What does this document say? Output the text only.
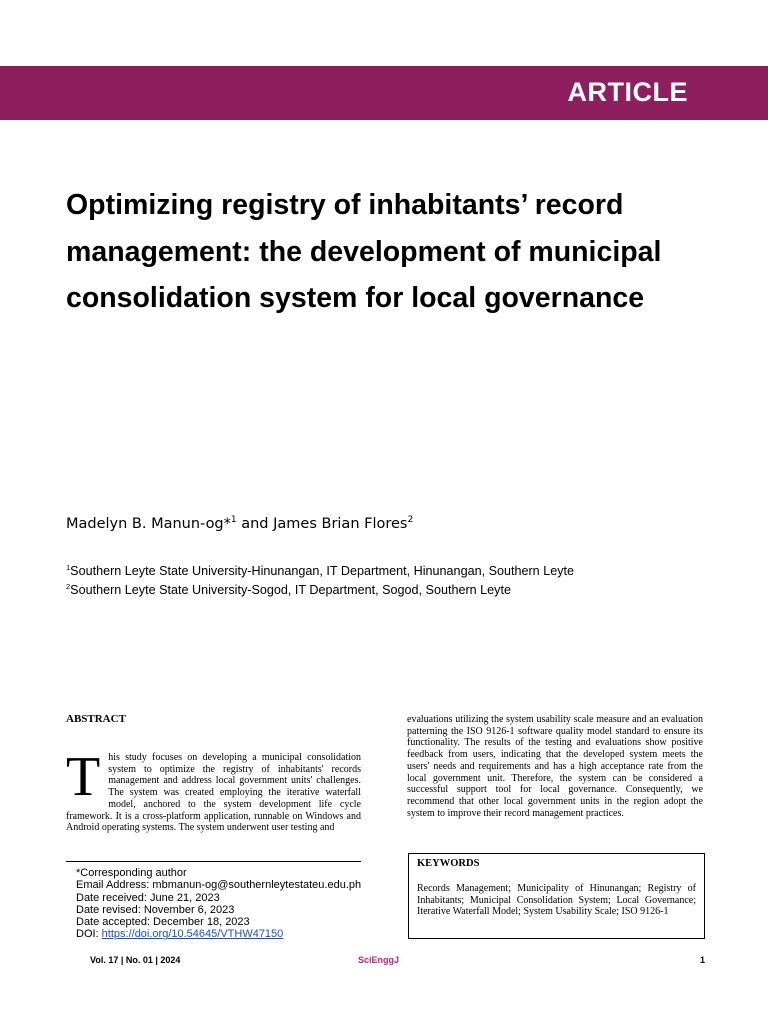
ARTICLE
Optimizing registry of inhabitants’ record management: the development of municipal consolidation system for local governance
Madelyn B. Manun-og*$^1$ and James Brian Flores$^2$
$^1$Southern Leyte State University-Hinunangan, IT Department, Hinunangan, Southern Leyte
$^2$Southern Leyte State University-Sogod, IT Department, Sogod, Southern Leyte
ABSTRACT
This study focuses on developing a municipal consolidation system to optimize the registry of inhabitants' records management and address local government units' challenges. The system was created employing the iterative waterfall model, anchored to the system development life cycle framework. It is a cross-platform application, runnable on Windows and Android operating systems. The system underwent user testing and
evaluations utilizing the system usability scale measure and an evaluation patterning the ISO 9126-1 software quality model standard to ensure its functionality. The results of the testing and evaluations show positive feedback from users, indicating that the developed system meets the users' needs and requirements and has a high acceptance rate from the local government unit. Therefore, the system can be considered a successful support tool for local governance. Consequently, we recommend that other local government units in the region adopt the system to improve their record management practices.
*Corresponding author
Email Address: mbmanun-og@southernleytestateu.edu.ph
Date received: June 21, 2023
Date revised: November 6, 2023
Date accepted: December 18, 2023
DOI: https://doi.org/10.54645/VTHW47150
KEYWORDS
Records Management; Municipality of Hinunangan; Registry of Inhabitants; Municipal Consolidation System; Local Governance; Iterative Waterfall Model; System Usability Scale; ISO 9126-1
Vol. 17 | No. 01 | 2024	SciEnggJ	1
